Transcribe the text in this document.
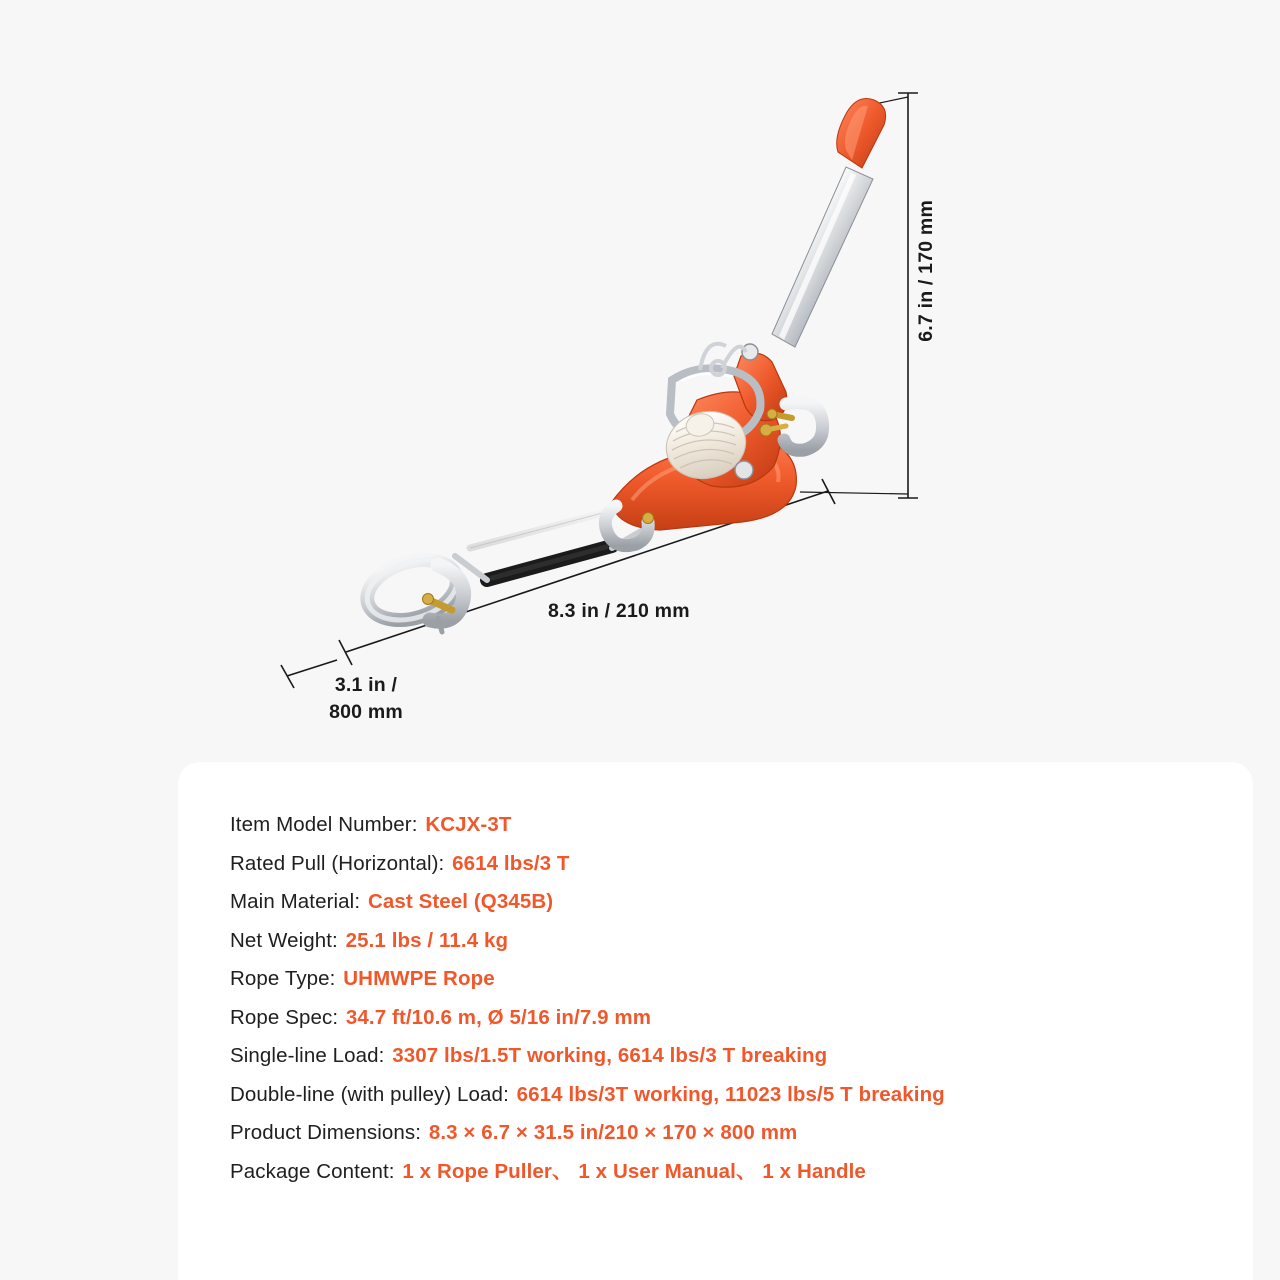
6.7 in / 170 mm
8.3 in / 210 mm
3.1 in /
800 mm
Item Model Number: KCJX-3T
Rated Pull (Horizontal): 6614 lbs/3 T
Main Material: Cast Steel (Q345B)
Net Weight: 25.1 lbs / 11.4 kg
Rope Type: UHMWPE Rope
Rope Spec: 34.7 ft/10.6 m, Ø 5/16 in/7.9 mm
Single-line Load: 3307 lbs/1.5T working, 6614 lbs/3 T breaking
Double-line (with pulley) Load: 6614 lbs/3T working, 11023 lbs/5 T breaking
Product Dimensions: 8.3 × 6.7 × 31.5 in/210 × 170 × 800 mm
Package Content: 1 x Rope Puller、 1 x User Manual、 1 x Handle
